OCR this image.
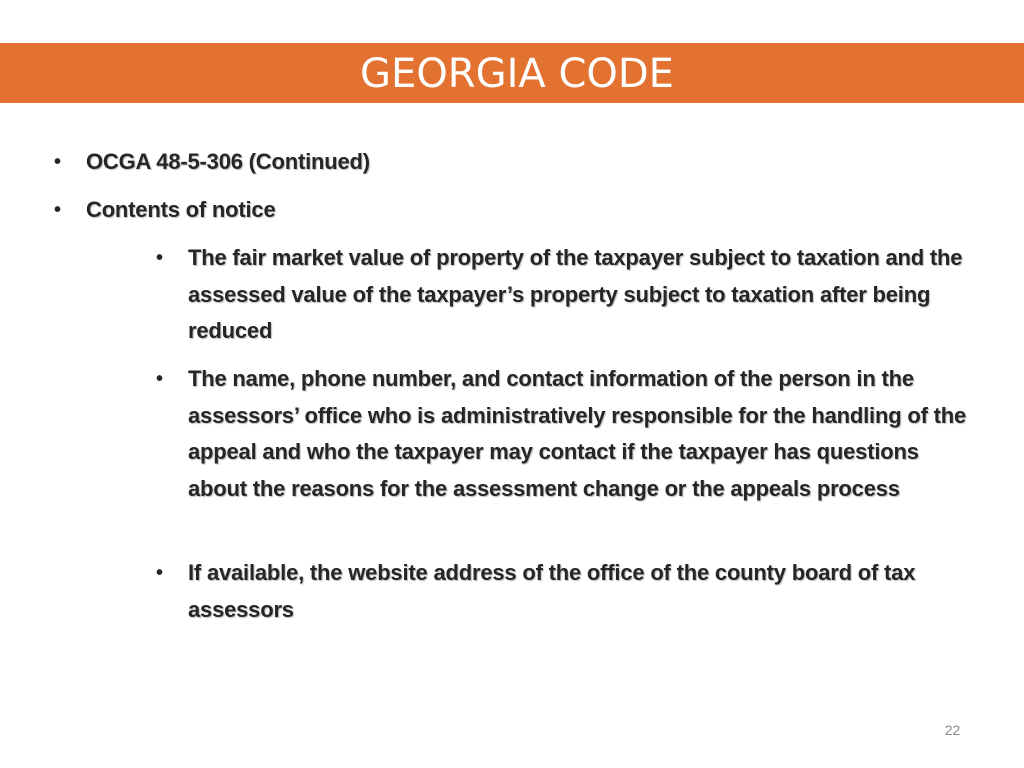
GEORGIA CODE
• OCGA 48-5-306 (Continued)
• Contents of notice
• The fair market value of property of the taxpayer subject to taxation and the assessed value of the taxpayer’s property subject to taxation after being reduced
• The name, phone number, and contact information of the person in the assessors’ office who is administratively responsible for the handling of the appeal and who the taxpayer may contact if the taxpayer has questions about the reasons for the assessment change or the appeals process
• If available, the website address of the office of the county board of tax assessors
22
